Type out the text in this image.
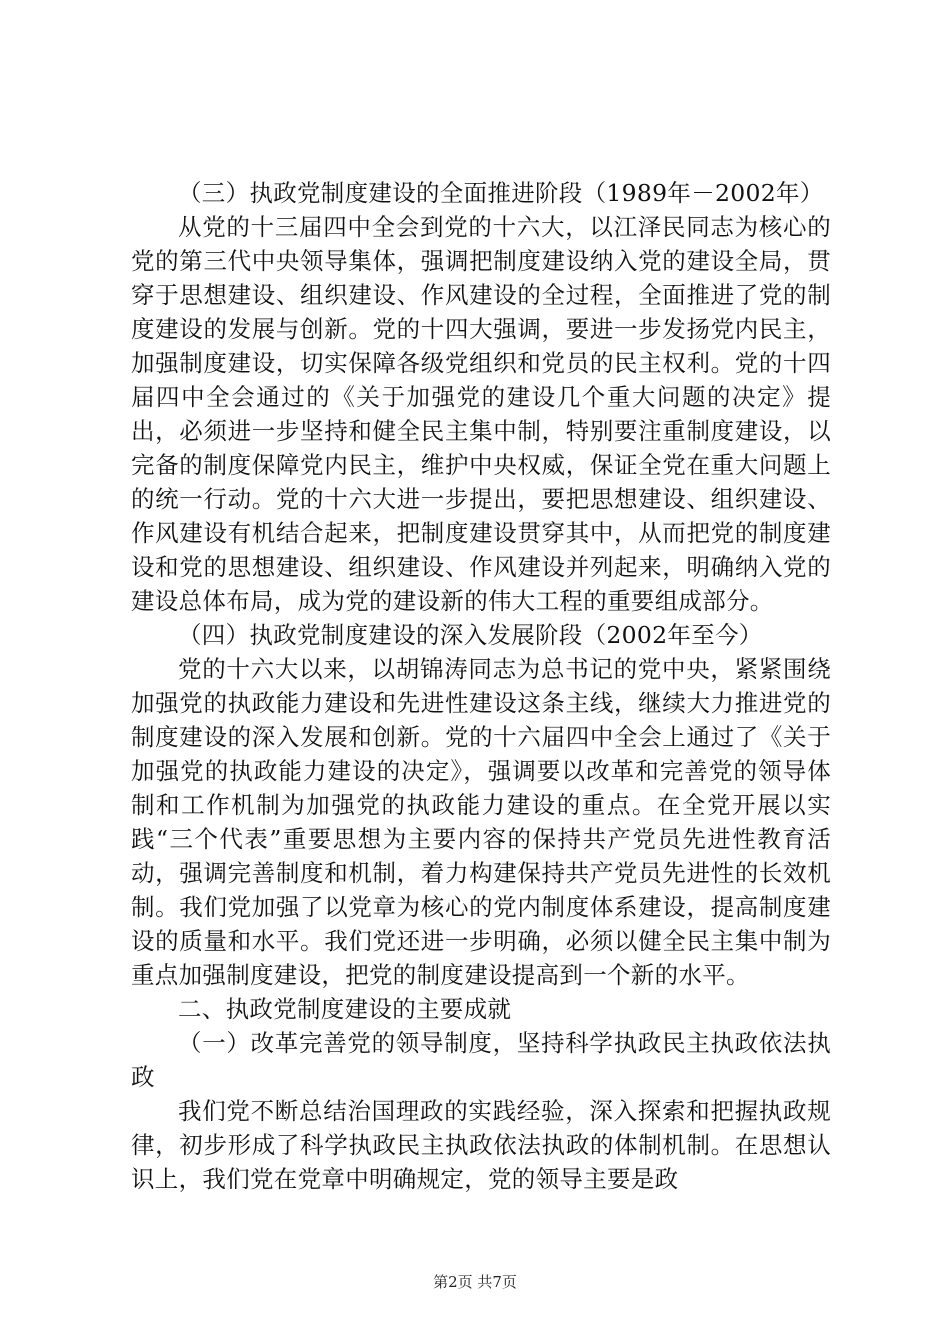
（三）执政党制度建设的全面推进阶段（1989年－2002年）

从党的十三届四中全会到党的十六大，以江泽民同志为核心的党的第三代中央领导集体，强调把制度建设纳入党的建设全局，贯穿于思想建设、组织建设、作风建设的全过程，全面推进了党的制度建设的发展与创新。党的十四大强调，要进一步发扬党内民主，加强制度建设，切实保障各级党组织和党员的民主权利。党的十四届四中全会通过的《关于加强党的建设几个重大问题的决定》提出，必须进一步坚持和健全民主集中制，特别要注重制度建设，以完备的制度保障党内民主，维护中央权威，保证全党在重大问题上的统一行动。党的十六大进一步提出，要把思想建设、组织建设、作风建设有机结合起来，把制度建设贯穿其中，从而把党的制度建设和党的思想建设、组织建设、作风建设并列起来，明确纳入党的建设总体布局，成为党的建设新的伟大工程的重要组成部分。

（四）执政党制度建设的深入发展阶段（2002年至今）

党的十六大以来，以胡锦涛同志为总书记的党中央，紧紧围绕加强党的执政能力建设和先进性建设这条主线，继续大力推进党的制度建设的深入发展和创新。党的十六届四中全会上通过了《关于加强党的执政能力建设的决定》，强调要以改革和完善党的领导体制和工作机制为加强党的执政能力建设的重点。在全党开展以实践“三个代表”重要思想为主要内容的保持共产党员先进性教育活动，强调完善制度和机制，着力构建保持共产党员先进性的长效机制。我们党加强了以党章为核心的党内制度体系建设，提高制度建设的质量和水平。我们党还进一步明确，必须以健全民主集中制为重点加强制度建设，把党的制度建设提高到一个新的水平。

二、执政党制度建设的主要成就

（一）改革完善党的领导制度，坚持科学执政民主执政依法执政

我们党不断总结治国理政的实践经验，深入探索和把握执政规律，初步形成了科学执政民主执政依法执政的体制机制。在思想认识上，我们党在党章中明确规定，党的领导主要是政

第2页 共7页
